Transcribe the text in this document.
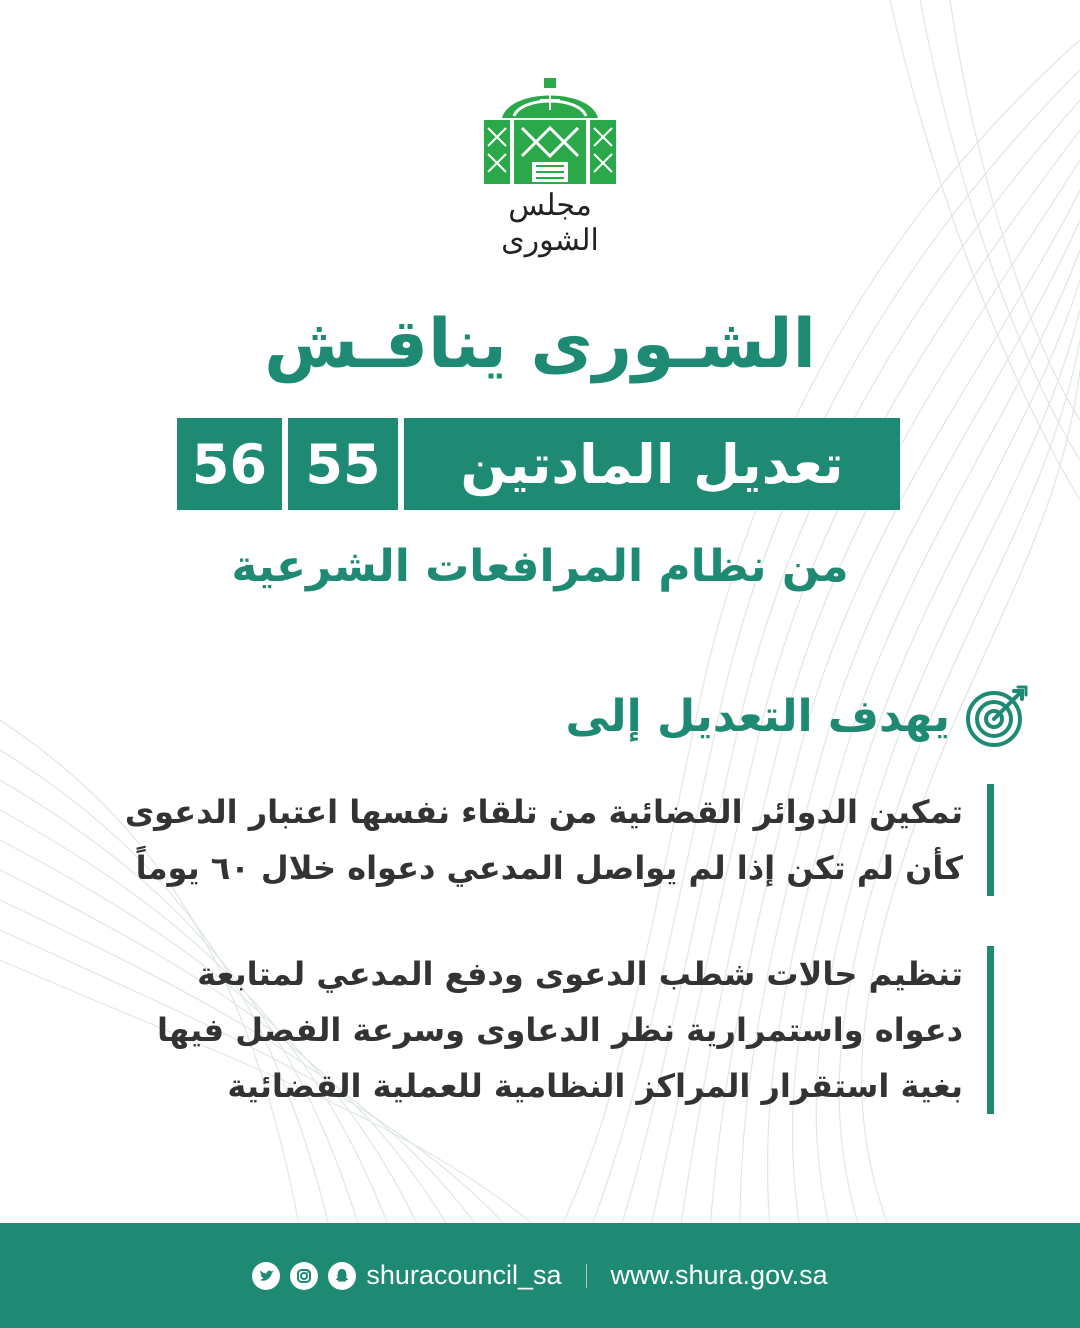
مجلس الشورى
الشـورى يناقـش
56 55	تعديل المادتين
من نظام المرافعات الشرعية
يهدف التعديل إلى
تمكين الدوائر القضائية من تلقاء نفسها اعتبار الدعوى
كأن لم تكن إذا لم يواصل المدعي دعواه خلال ٦٠ يوماً
تنظيم حالات شطب الدعوى ودفع المدعي لمتابعة
دعواه واستمرارية نظر الدعاوى وسرعة الفصل فيها
بغية استقرار المراكز النظامية للعملية القضائية
shuracouncil_sa www.shura.gov.sa
